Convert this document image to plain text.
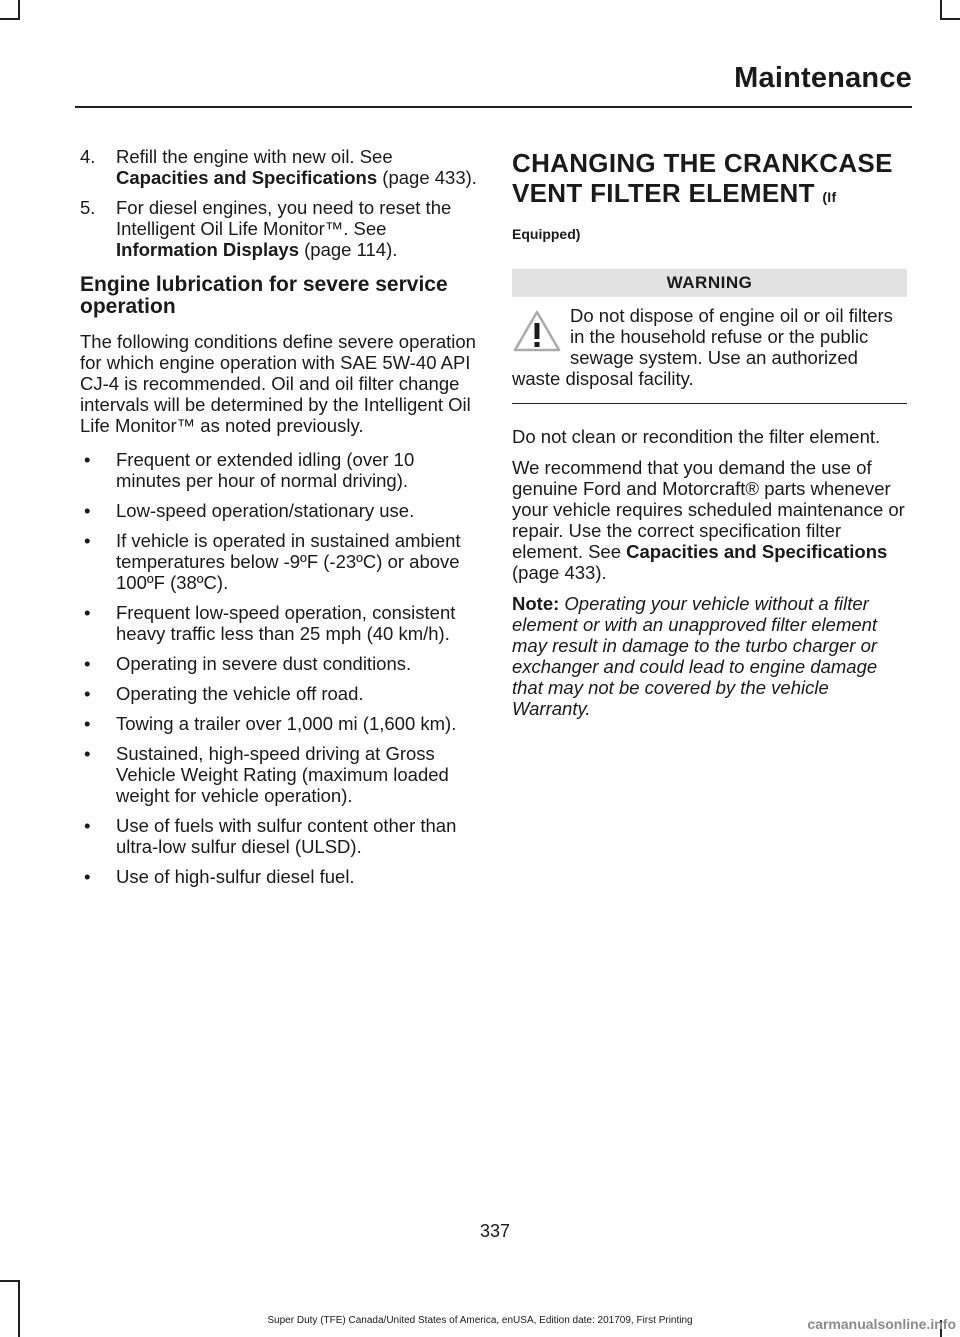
Maintenance
4. Refill the engine with new oil. See Capacities and Specifications (page 433).
5. For diesel engines, you need to reset the Intelligent Oil Life Monitor™. See Information Displays (page 114).
Engine lubrication for severe service operation

The following conditions define severe operation for which engine operation with SAE 5W-40 API CJ-4 is recommended. Oil and oil filter change intervals will be determined by the Intelligent Oil Life Monitor™ as noted previously.

• Frequent or extended idling (over 10 minutes per hour of normal driving).
• Low-speed operation/stationary use.
• If vehicle is operated in sustained ambient temperatures below -9ºF (-23ºC) or above 100ºF (38ºC).
• Frequent low-speed operation, consistent heavy traffic less than 25 mph (40 km/h).
• Operating in severe dust conditions.
• Operating the vehicle off road.
• Towing a trailer over 1,000 mi (1,600 km).
• Sustained, high-speed driving at Gross Vehicle Weight Rating (maximum loaded weight for vehicle operation).
• Use of fuels with sulfur content other than ultra-low sulfur diesel (ULSD).
• Use of high-sulfur diesel fuel.
CHANGING THE CRANKCASE VENT FILTER ELEMENT (If
Equipped)
WARNING
Do not dispose of engine oil or oil filters in the household refuse or the public sewage system. Use an authorized waste disposal facility.

Do not clean or recondition the filter element.

We recommend that you demand the use of genuine Ford and Motorcraft® parts whenever your vehicle requires scheduled maintenance or repair. Use the correct specification filter element. See Capacities and Specifications (page 433).

Note: Operating your vehicle without a filter element or with an unapproved filter element may result in damage to the turbo charger or exchanger and could lead to engine damage that may not be covered by the vehicle Warranty.

337
Super Duty (TFE) Canada/United States of America, enUSA, Edition date: 201709, First Printing	carmanualsonline.info
